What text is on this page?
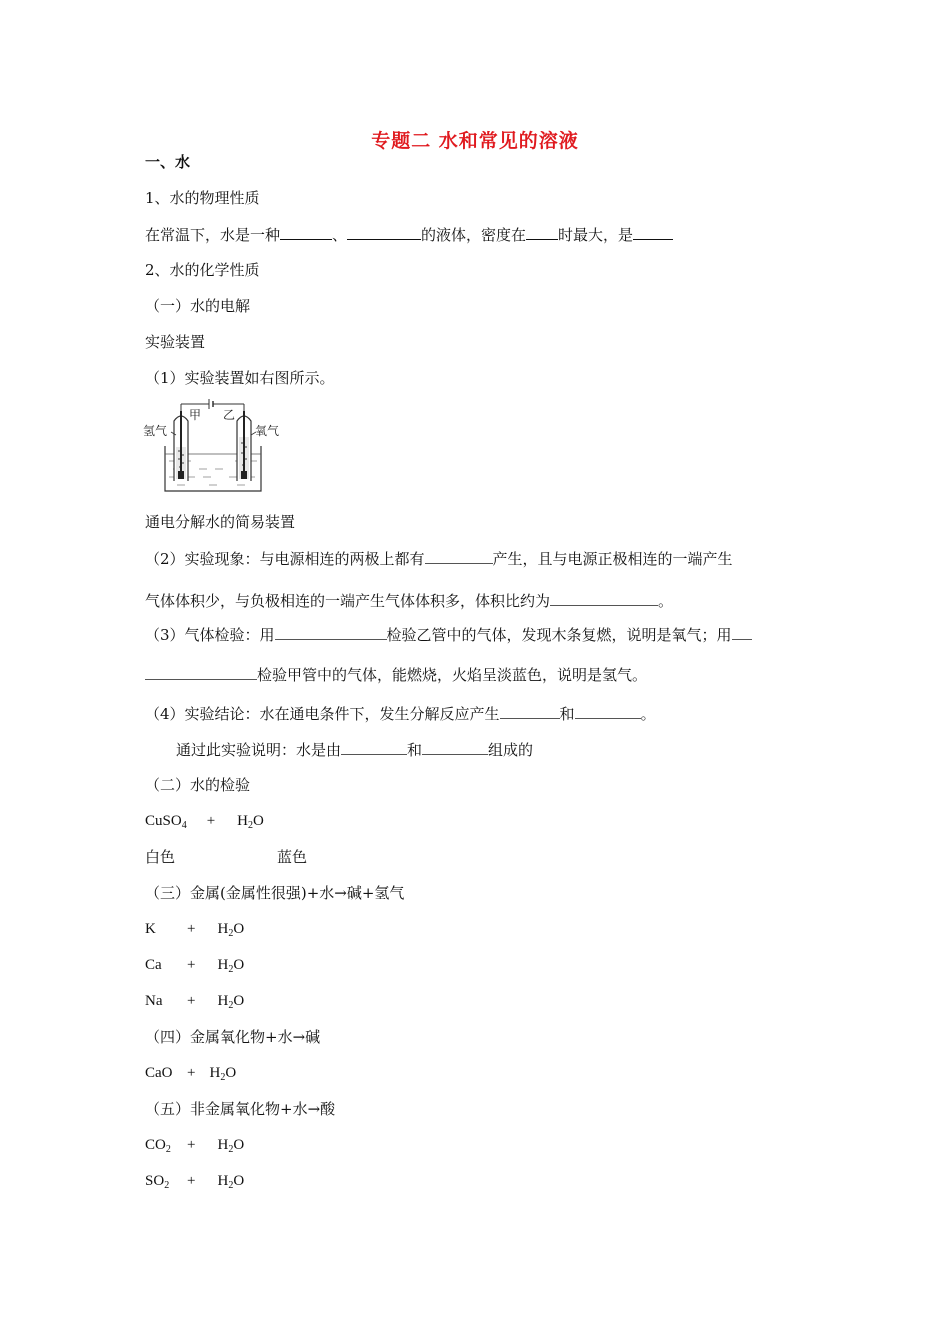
专题二 水和常见的溶液
一、水
1、水的物理性质
在常温下，水是一种	、	的液体，密度在 时最大，是
2、水的化学性质
（一）水的电解
实验装置
（1）实验装置如右图所示。
甲 乙
氢气	氧气
通电分解水的简易装置
（2）实验现象：与电源相连的两极上都有	产生，且与电源正极相连的一端产生
气体体积少，与负极相连的一端产生气体体积多，体积比约为	。
（3）气体检验：用	检验乙管中的气体，发现木条复燃，说明是氧气；用
检验甲管中的气体，能燃烧，火焰呈淡蓝色，说明是氢气。
（4）实验结论：水在通电条件下，发生分解反应产生	和	。
通过此实验说明：水是由	和	组成的
（二）水的检验
CuSO$_4$ + $H_2O$
白色	蓝色
（三）金属(金属性很强)+水→碱+氢气
$K + H_2O$
$Ca + H_2O$
$Na + H_2O$
（四）金属氧化物+水→碱
CaO + $H_2O$
（五）非金属氧化物+水→酸
$CO_2 + H_2O$
$SO_2 + H_2O$
